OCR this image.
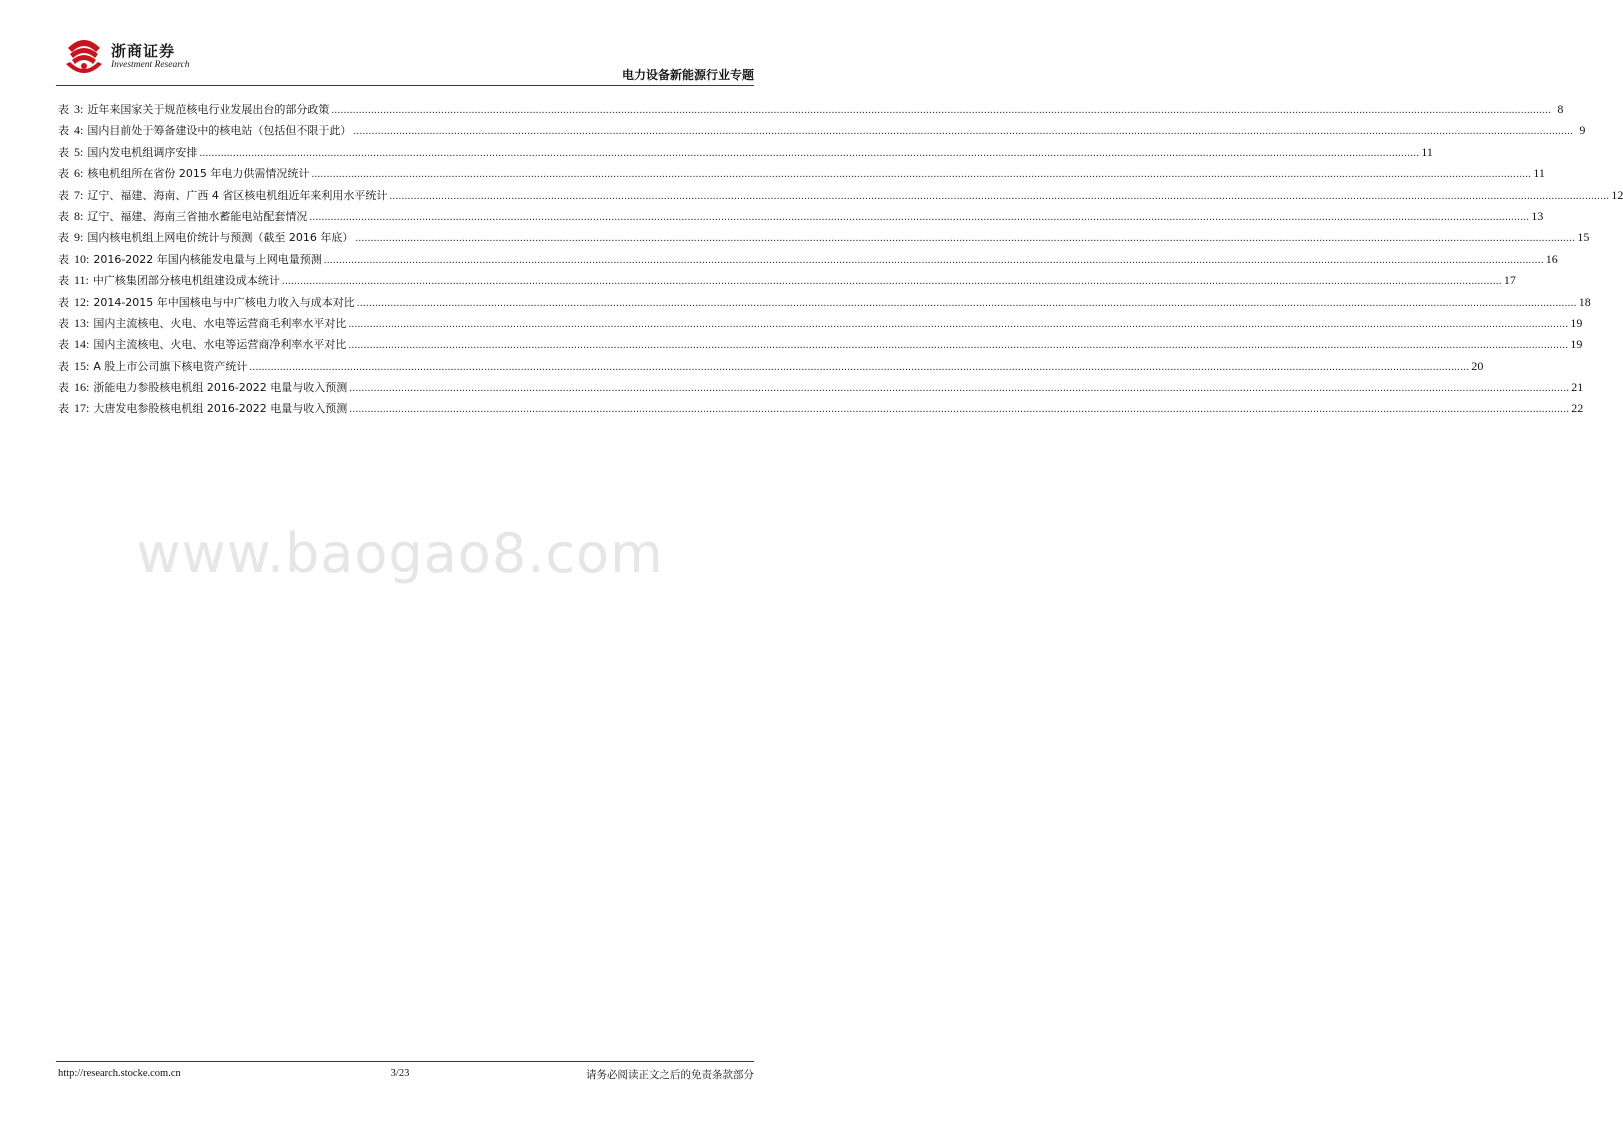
浙商证券
Investment Research
电力设备新能源行业专题
表 3: 近年来国家关于规范核电行业发展出台的部分政策 ................................................................................................................................................................................................................................................................................................................................................................................................................ 8
表 4: 国内目前处于筹备建设中的核电站（包括但不限于此） ................................................................................................................................................................................................................................................................................................................................................................................................................ 9
表 5: 国内发电机组调序安排 ................................................................................................................................................................................................................................................................................................................................................................................................................ 11
表 6: 核电机组所在省份 2015 年电力供需情况统计 ................................................................................................................................................................................................................................................................................................................................................................................................................ 11
表 7: 辽宁、福建、海南、广西 4 省区核电机组近年来利用水平统计 ................................................................................................................................................................................................................................................................................................................................................................................................................ 12
表 8: 辽宁、福建、海南三省抽水蓄能电站配套情况 ................................................................................................................................................................................................................................................................................................................................................................................................................ 13
表 9: 国内核电机组上网电价统计与预测（截至 2016 年底） ................................................................................................................................................................................................................................................................................................................................................................................................................ 15
表 10: 2016-2022 年国内核能发电量与上网电量预测 ................................................................................................................................................................................................................................................................................................................................................................................................................ 16
表 11: 中广核集团部分核电机组建设成本统计 ................................................................................................................................................................................................................................................................................................................................................................................................................ 17
表 12: 2014-2015 年中国核电与中广核电力收入与成本对比 ................................................................................................................................................................................................................................................................................................................................................................................................................ 18
表 13: 国内主流核电、火电、水电等运营商毛利率水平对比 ................................................................................................................................................................................................................................................................................................................................................................................................................ 19
表 14: 国内主流核电、火电、水电等运营商净利率水平对比 ................................................................................................................................................................................................................................................................................................................................................................................................................ 19
表 15: A 股上市公司旗下核电资产统计 ................................................................................................................................................................................................................................................................................................................................................................................................................ 20
表 16: 浙能电力参股核电机组 2016-2022 电量与收入预测 ................................................................................................................................................................................................................................................................................................................................................................................................................ 21
表 17: 大唐发电参股核电机组 2016-2022 电量与收入预测 ................................................................................................................................................................................................................................................................................................................................................................................................................ 22
www.baogao8.com
http://research.stocke.com.cn	3/23	请务必阅读正文之后的免责条款部分
